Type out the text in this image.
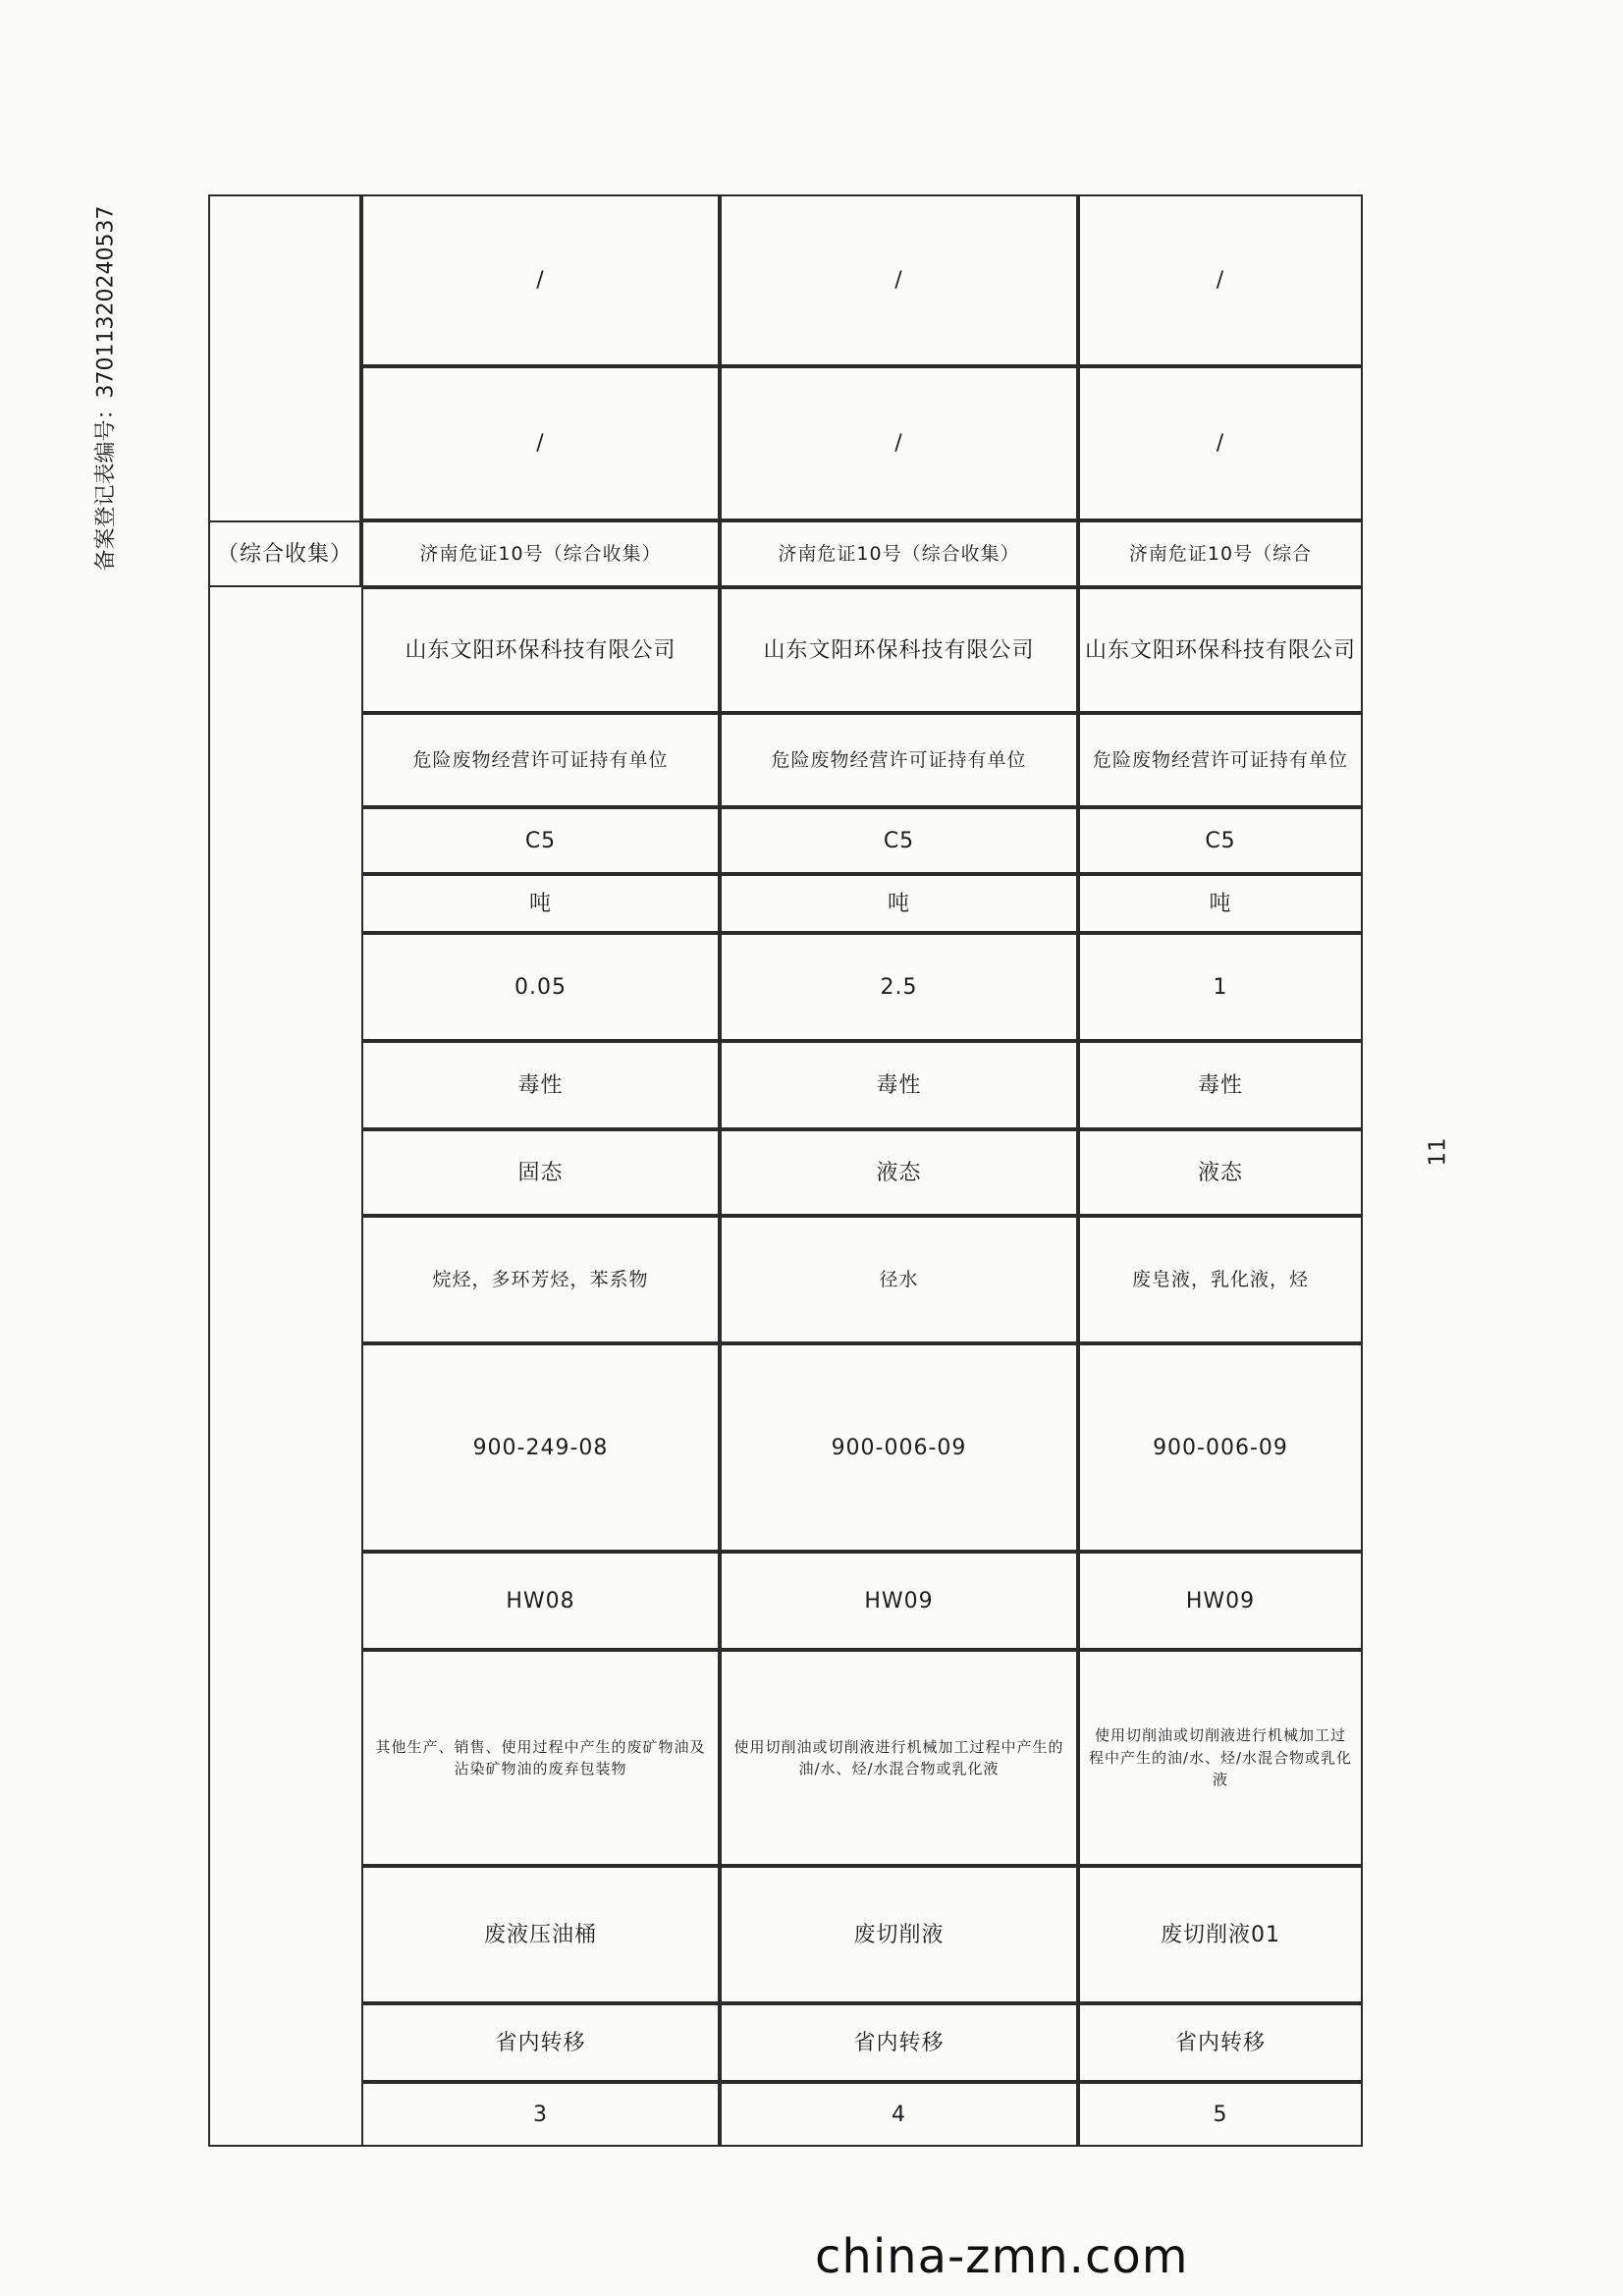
备案登记表编号：37011320240537	（综合收集）
/
/
济南危证10号（综合收集）
山东文阳环保科技有限公司
危险废物经营许可证持有单位
C5
吨
0.05
毒性
固态
烷烃，多环芳烃，苯系物
900-249-08
HW08
其他生产、销售、使用过程中产生的废矿物油及沾染矿物油的废弃包装物
废液压油桶
省内转移
3
/
/
济南危证10号（综合收集）
山东文阳环保科技有限公司
危险废物经营许可证持有单位
C5
吨
2.5
毒性
液态
径水
900-006-09
HW09
使用切削油或切削液进行机械加工过程中产生的油/水、烃/水混合物或乳化液
废切削液
省内转移
4
/
/
济南危证10号（综合
山东文阳环保科技有限公司
危险废物经营许可证持有单位
C5
吨
1
毒性
液态
废皂液，乳化液，烃
900-006-09
HW09
使用切削油或切削液进行机械加工过程中产生的油/水、烃/水混合物或乳化液
废切削液01
省内转移
5
11
china-zmn.com
